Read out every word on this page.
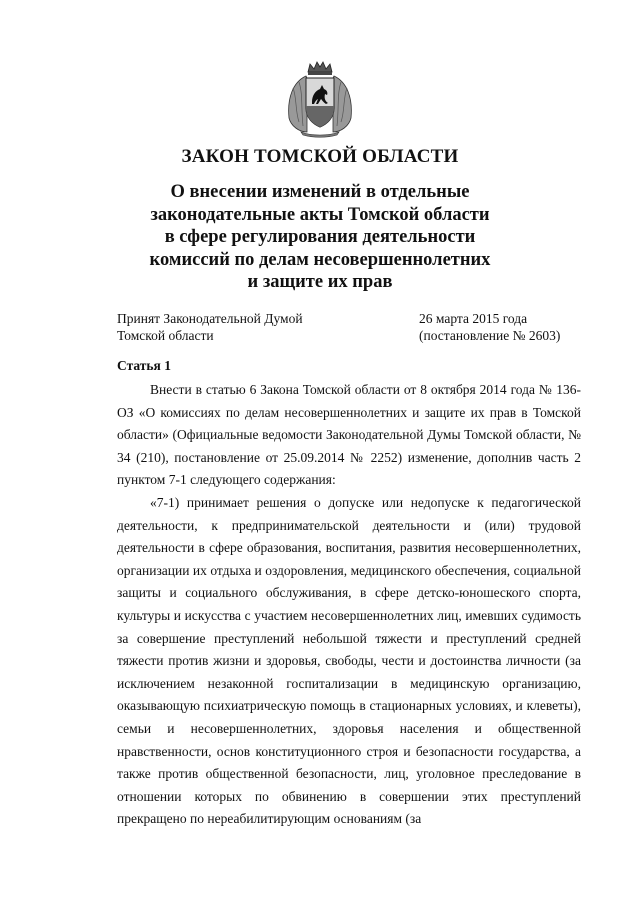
ЗАКОН ТОМСКОЙ ОБЛАСТИ
О внесении изменений в отдельные
законодательные акты Томской области
в сфере регулирования деятельности
комиссий по делам несовершеннолетних
и защите их прав
Принят Законодательной Думой
Томской области
26 марта 2015 года
(постановление № 2603)
Статья 1

Внести в статью 6 Закона Томской области от 8 октября 2014 года № 136-ОЗ «О комиссиях по делам несовершеннолетних и защите их прав в Томской области» (Официальные ведомости Законодательной Думы Томской области, № 34 (210), постановление от 25.09.2014 № 2252) изменение, дополнив часть 2 пунктом 7-1 следующего содержания:

«7-1) принимает решения о допуске или недопуске к педагогической деятельности, к предпринимательской деятельности и (или) трудовой деятельности в сфере образования, воспитания, развития несовершеннолетних, организации их отдыха и оздоровления, медицинского обеспечения, социальной защиты и социального обслуживания, в сфере детско-юношеского спорта, культуры и искусства с участием несовершеннолетних лиц, имевших судимость за совершение преступлений небольшой тяжести и преступлений средней тяжести против жизни и здоровья, свободы, чести и достоинства личности (за исключением незаконной госпитализации в медицинскую организацию, оказывающую психиатрическую помощь в стационарных условиях, и клеветы), семьи и несовершеннолетних, здоровья населения и общественной нравственности, основ конституционного строя и безопасности государства, а также против общественной безопасности, лиц, уголовное преследование в отношении которых по обвинению в совершении этих преступлений прекращено по нереабилитирующим основаниям (за
